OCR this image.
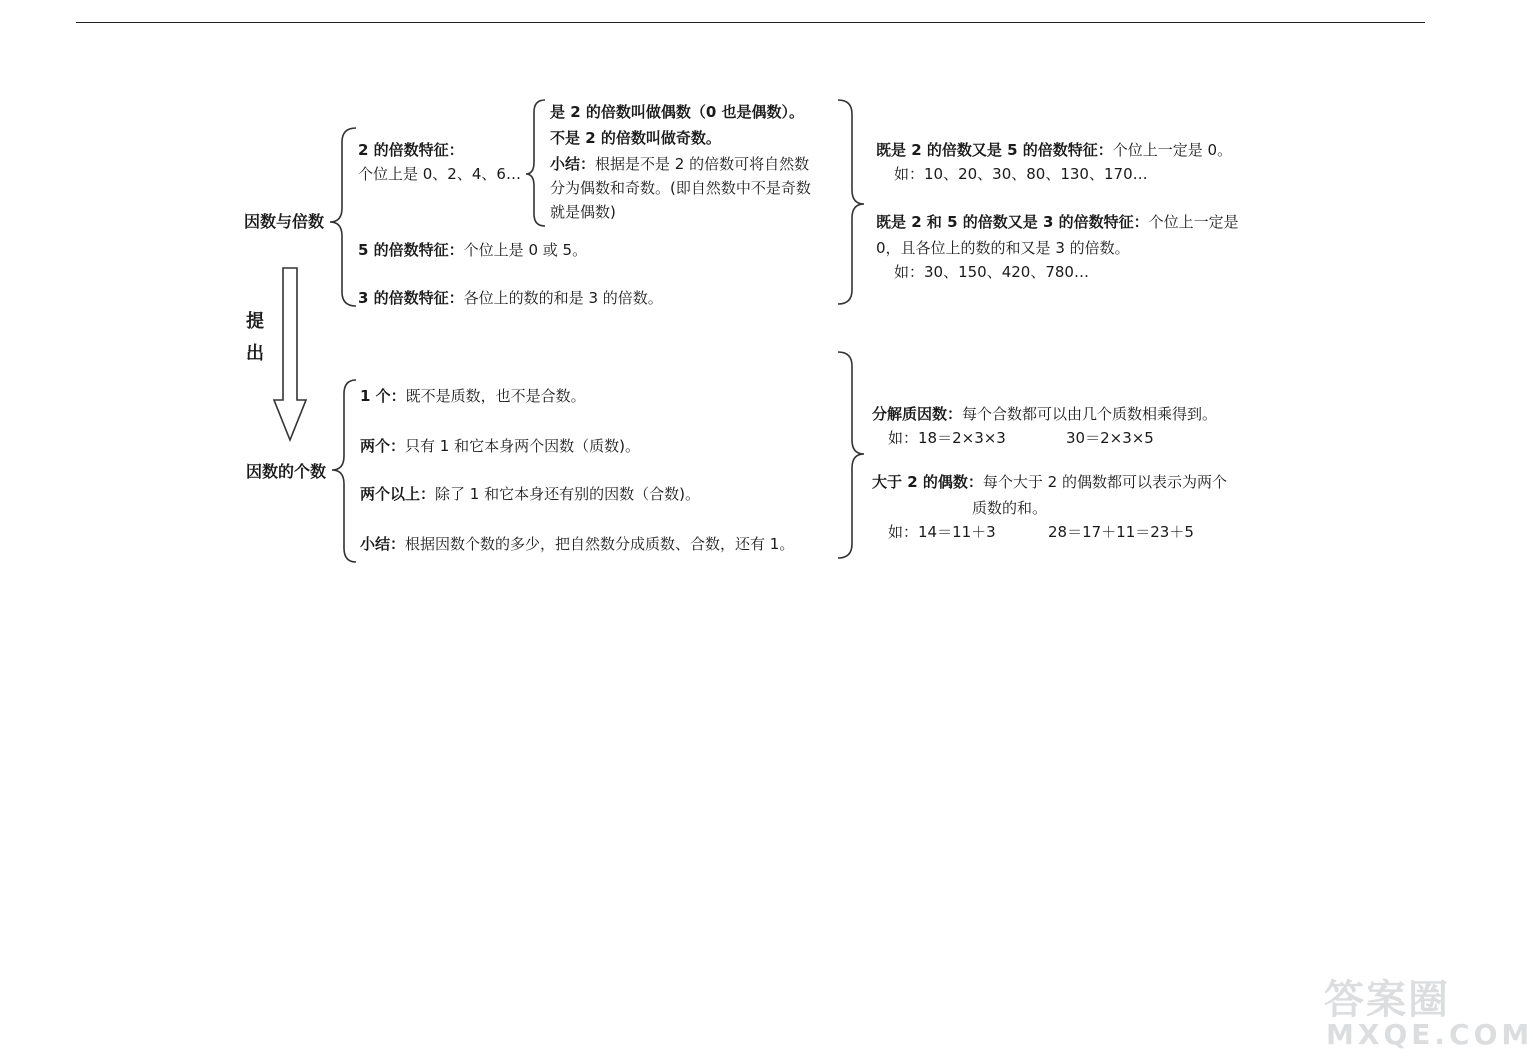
因数与倍数
因数的个数
提
出
2 的倍数特征：
个位上是 0、2、4、6…
是 2 的倍数叫做偶数（0 也是偶数）。
不是 2 的倍数叫做奇数。
小结：根据是不是 2 的倍数可将自然数
分为偶数和奇数。(即自然数中不是奇数
就是偶数)
5 的倍数特征：个位上是 0 或 5。
3 的倍数特征：各位上的数的和是 3 的倍数。
既是 2 的倍数又是 5 的倍数特征：个位上一定是 0。
如：10、20、30、80、130、170…
既是 2 和 5 的倍数又是 3 的倍数特征：个位上一定是
0，且各位上的数的和又是 3 的倍数。
如：30、150、420、780…
1 个：既不是质数，也不是合数。
两个：只有 1 和它本身两个因数（质数)。
两个以上：除了 1 和它本身还有别的因数（合数)。
小结：根据因数个数的多少，把自然数分成质数、合数，还有 1。
分解质因数：每个合数都可以由几个质数相乘得到。
如：18＝2×3×3	30＝2×3×5
大于 2 的偶数：每个大于 2 的偶数都可以表示为两个
质数的和。
如：14＝11＋3	28＝17＋11＝23＋5
答案圈
MXQE.COM
